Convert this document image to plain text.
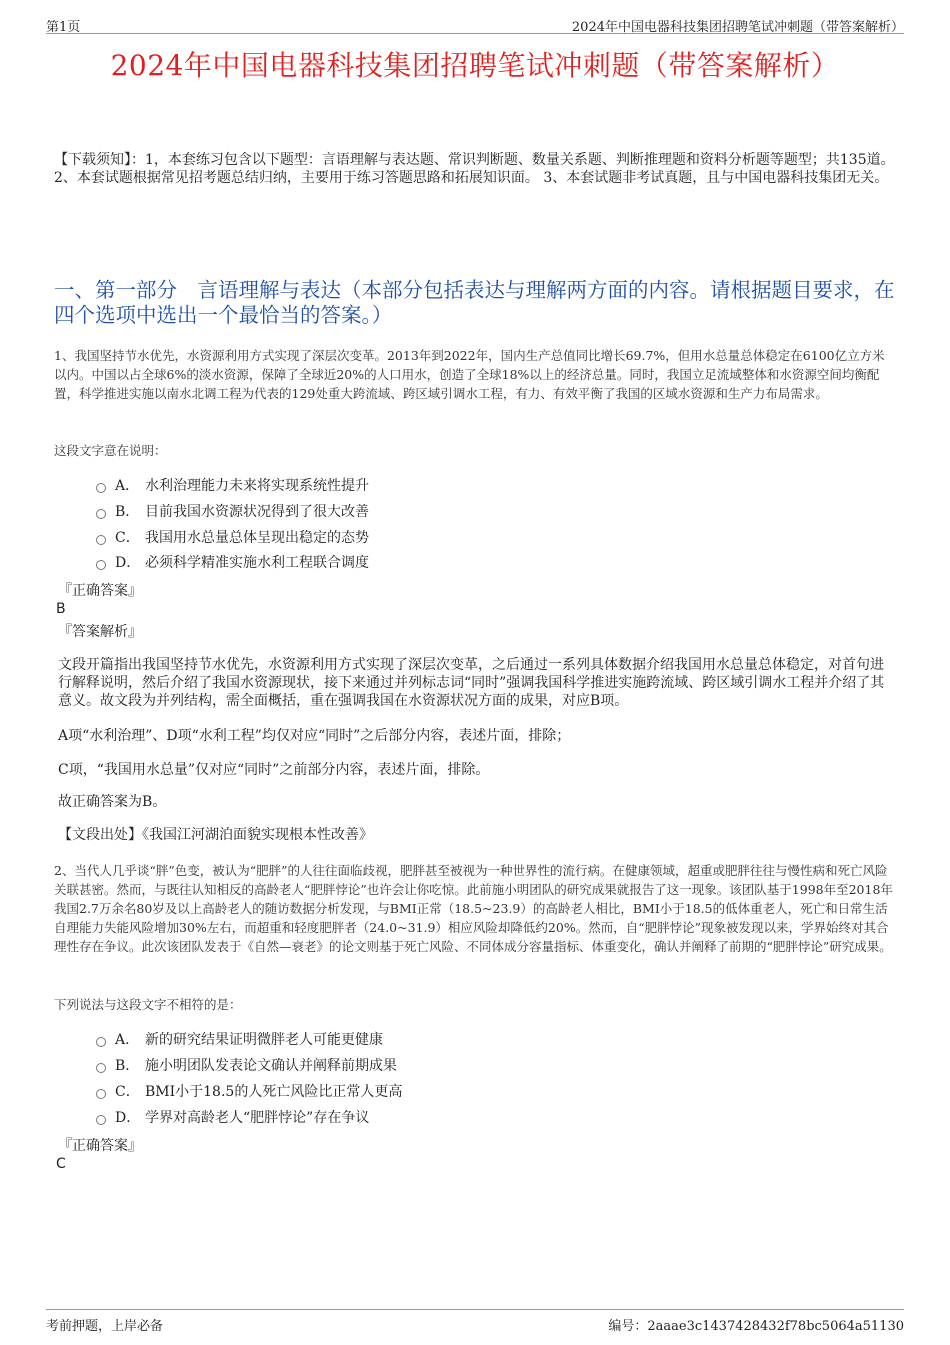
第1页	2024年中国电器科技集团招聘笔试冲刺题（带答案解析）
2024年中国电器科技集团招聘笔试冲刺题（带答案解析）

【下载须知】：1，本套练习包含以下题型：言语理解与表达题、常识判断题、数量关系题、判断推理题和资料分析题等题型；共135道。 2、本套试题根据常见招考题总结归纳，主要用于练习答题思路和拓展知识面。 3、本套试题非考试真题，且与中国电器科技集团无关。

一、第一部分　言语理解与表达（本部分包括表达与理解两方面的内容。请根据题目要求，在四个选项中选出一个最恰当的答案。）

1、我国坚持节水优先，水资源利用方式实现了深层次变革。2013年到2022年，国内生产总值同比增长69.7%，但用水总量总体稳定在6100亿立方米以内。中国以占全球6%的淡水资源，保障了全球近20%的人口用水，创造了全球18%以上的经济总量。同时，我国立足流域整体和水资源空间均衡配置，科学推进实施以南水北调工程为代表的129处重大跨流域、跨区域引调水工程，有力、有效平衡了我国的区域水资源和生产力布局需求。

这段文字意在说明：
A． 水利治理能力未来将实现系统性提升
B． 目前我国水资源状况得到了很大改善
C． 我国用水总量总体呈现出稳定的态势
D． 必须科学精准实施水利工程联合调度
『正确答案』
B
『答案解析』

文段开篇指出我国坚持节水优先，水资源利用方式实现了深层次变革，之后通过一系列具体数据介绍我国用水总量总体稳定，对首句进行解释说明，然后介绍了我国水资源现状，接下来通过并列标志词“同时”强调我国科学推进实施跨流域、跨区域引调水工程并介绍了其意义。故文段为并列结构，需全面概括，重在强调我国在水资源状况方面的成果，对应B项。

A项“水利治理”、D项“水利工程”均仅对应“同时”之后部分内容，表述片面，排除；

C项，“我国用水总量”仅对应“同时”之前部分内容，表述片面，排除。

故正确答案为B。

【文段出处】《我国江河湖泊面貌实现根本性改善》

2、当代人几乎谈“胖”色变，被认为“肥胖”的人往往面临歧视，肥胖甚至被视为一种世界性的流行病。在健康领域，超重或肥胖往往与慢性病和死亡风险关联甚密。然而，与既往认知相反的高龄老人“肥胖悖论”也许会让你吃惊。此前施小明团队的研究成果就报告了这一现象。该团队基于1998年至2018年我国2.7万余名80岁及以上高龄老人的随访数据分析发现，与BMI正常（18.5~23.9）的高龄老人相比，BMI小于18.5的低体重老人，死亡和日常生活自理能力失能风险增加30%左右，而超重和轻度肥胖者（24.0~31.9）相应风险却降低约20%。然而，自“肥胖悖论”现象被发现以来，学界始终对其合理性存在争议。此次该团队发表于《自然—衰老》的论文则基于死亡风险、不同体成分容量指标、体重变化，确认并阐释了前期的“肥胖悖论”研究成果。

下列说法与这段文字不相符的是：
A． 新的研究结果证明微胖老人可能更健康
B． 施小明团队发表论文确认并阐释前期成果
C． BMI小于18.5的人死亡风险比正常人更高
D． 学界对高龄老人“肥胖悖论”存在争议
『正确答案』
C
考前押题，上岸必备	编号：2aaae3c1437428432f78bc5064a51130
